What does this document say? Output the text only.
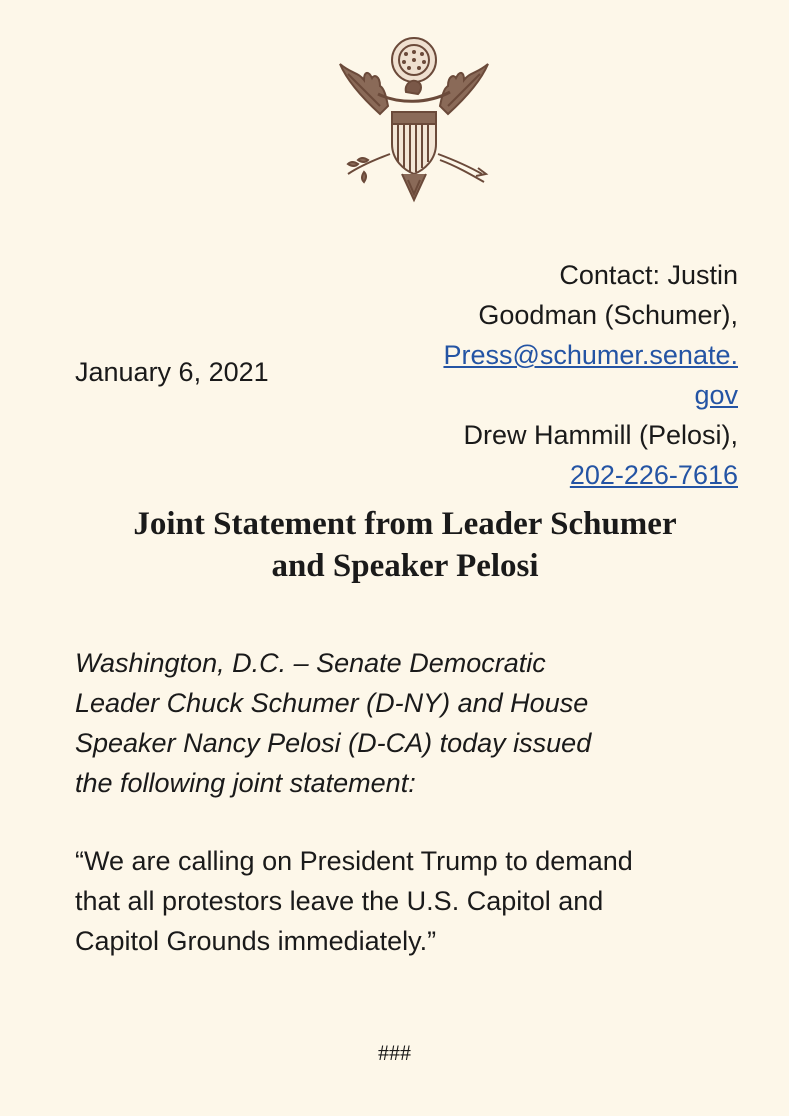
January 6, 2021
Contact: Justin
Goodman (Schumer),
Press@schumer.senate.
gov
Drew Hammill (Pelosi),
202-226-7616
Joint Statement from Leader Schumer
and Speaker Pelosi
Washington, D.C. – Senate Democratic
Leader Chuck Schumer (D-NY) and House
Speaker Nancy Pelosi (D-CA) today issued
the following joint statement:
“We are calling on President Trump to demand
that all protestors leave the U.S. Capitol and
Capitol Grounds immediately.”
###
